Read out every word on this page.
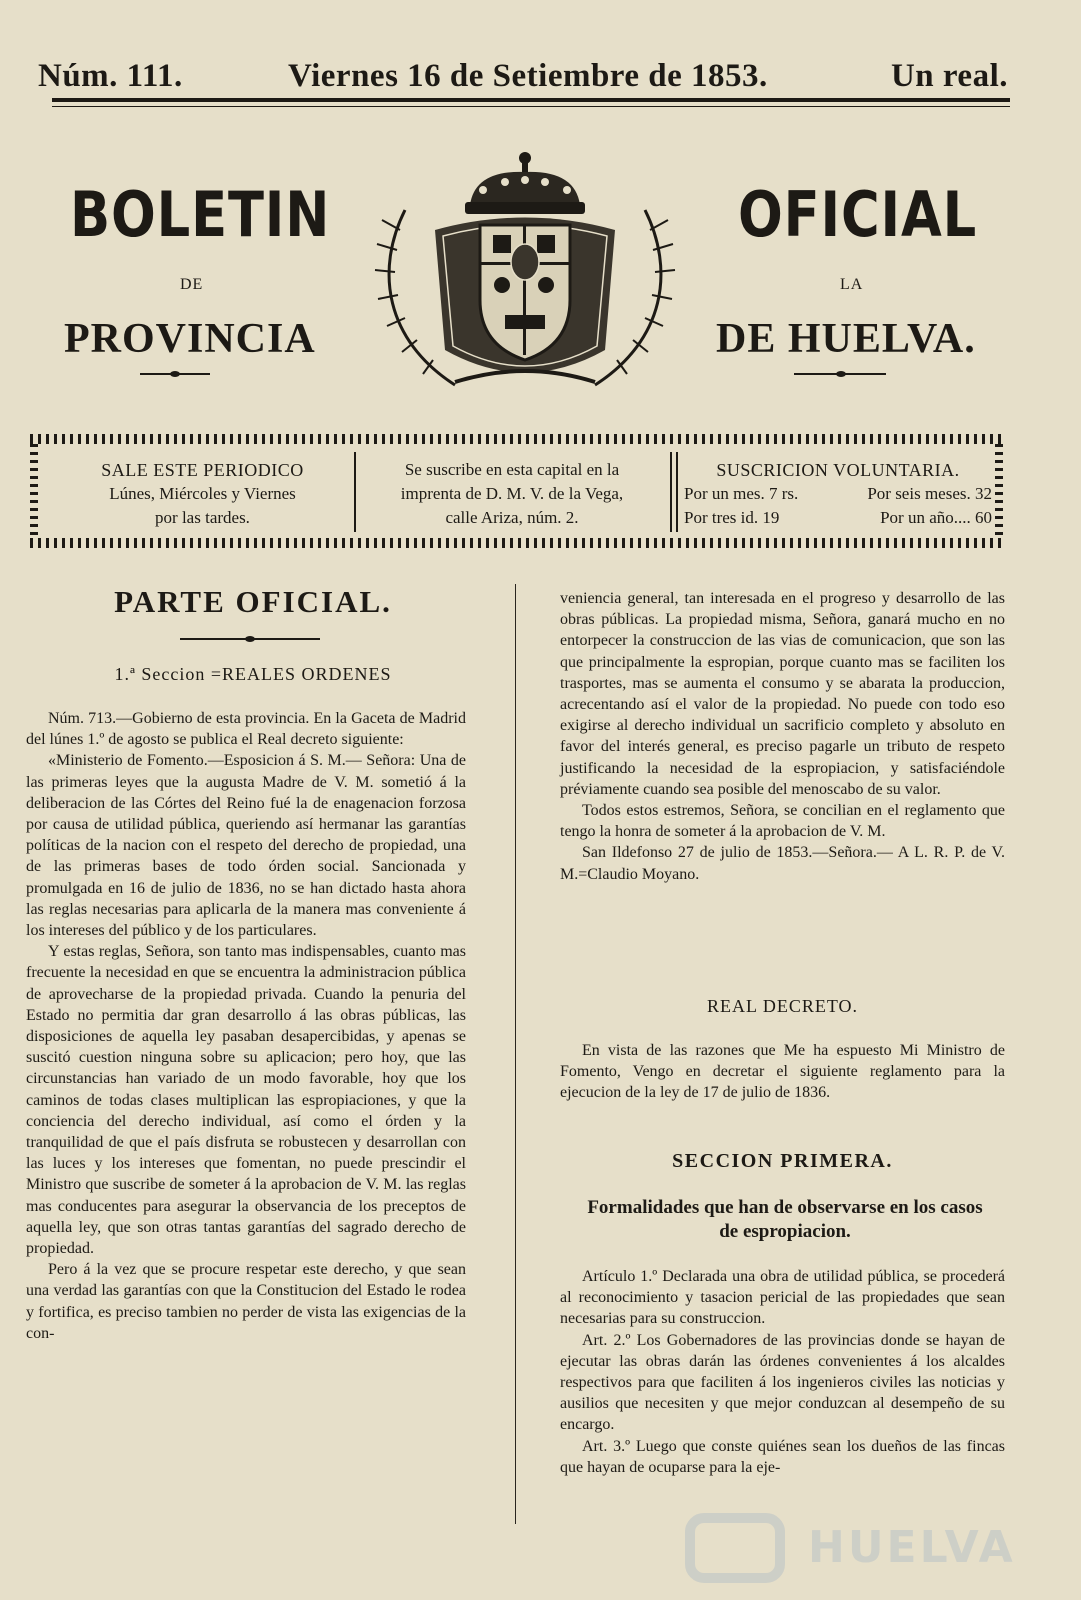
Núm. 111.	Viernes 16 de Setiembre de 1853.	Un real.
BOLETIN	OFICIAL
DE	LA
PROVINCIA	DE HUELVA.
SALE ESTE PERIODICO
Lúnes, Miércoles y Viernes
por las tardes.
Se suscribe en esta capital en la
imprenta de D. M. V. de la Vega,
calle Ariza, núm. 2.
SUSCRICION VOLUNTARIA.
Por un mes. 7 rs.	Por seis meses. 32
Por tres id. 19	Por un año.... 60
PARTE OFICIAL.
1.ª Seccion =REALES ORDENES

Núm. 713.—Gobierno de esta provincia. En la Gaceta de Madrid del lúnes 1.º de agosto se publica el Real decreto siguiente:

«Ministerio de Fomento.—Esposicion á S. M.— Señora: Una de las primeras leyes que la augusta Madre de V. M. sometió á la deliberacion de las Córtes del Reino fué la de enagenacion forzosa por causa de utilidad pública, queriendo así hermanar las garantías políticas de la nacion con el respeto del derecho de propiedad, una de las primeras bases de todo órden social. Sancionada y promulgada en 16 de julio de 1836, no se han dictado hasta ahora las reglas necesarias para aplicarla de la manera mas conveniente á los intereses del público y de los particulares.

Y estas reglas, Señora, son tanto mas indispensables, cuanto mas frecuente la necesidad en que se encuentra la administracion pública de aprovecharse de la propiedad privada. Cuando la penuria del Estado no permitia dar gran desarrollo á las obras públicas, las disposiciones de aquella ley pasaban desapercibidas, y apenas se suscitó cuestion ninguna sobre su aplicacion; pero hoy, que las circunstancias han variado de un modo favorable, hoy que los caminos de todas clases multiplican las espropiaciones, y que la conciencia del derecho individual, así como el órden y la tranquilidad de que el país disfruta se robustecen y desarrollan con las luces y los intereses que fomentan, no puede prescindir el Ministro que suscribe de someter á la aprobacion de V. M. las reglas mas conducentes para asegurar la observancia de los preceptos de aquella ley, que son otras tantas garantías del sagrado derecho de propiedad.

Pero á la vez que se procure respetar este derecho, y que sean una verdad las garantías con que la Constitucion del Estado le rodea y fortifica, es preciso tambien no perder de vista las exigencias de la con-

veniencia general, tan interesada en el progreso y desarrollo de las obras públicas. La propiedad misma, Señora, ganará mucho en no entorpecer la construccion de las vias de comunicacion, que son las que principalmente la espropian, porque cuanto mas se faciliten los trasportes, mas se aumenta el consumo y se abarata la produccion, acrecentando así el valor de la propiedad. No puede con todo eso exigirse al derecho individual un sacrificio completo y absoluto en favor del interés general, es preciso pagarle un tributo de respeto justificando la necesidad de la espropiacion, y satisfaciéndole préviamente cuando sea posible del menoscabo de su valor.

Todos estos estremos, Señora, se concilian en el reglamento que tengo la honra de someter á la aprobacion de V. M.

San Ildefonso 27 de julio de 1853.—Señora.— A L. R. P. de V. M.=Claudio Moyano.

REAL DECRETO.

En vista de las razones que Me ha espuesto Mi Ministro de Fomento, Vengo en decretar el siguiente reglamento para la ejecucion de la ley de 17 de julio de 1836.

SECCION PRIMERA.
Formalidades que han de observarse en los casos de espropiacion.

Artículo 1.º Declarada una obra de utilidad pública, se procederá al reconocimiento y tasacion pericial de las propiedades que sean necesarias para su construccion.

Art. 2.º Los Gobernadores de las provincias donde se hayan de ejecutar las obras darán las órdenes convenientes á los alcaldes respectivos para que faciliten á los ingenieros civiles las noticias y ausilios que necesiten y que mejor conduzcan al desempeño de su encargo.

Art. 3.º Luego que conste quiénes sean los dueños de las fincas que hayan de ocuparse para la eje-

HUELVA
